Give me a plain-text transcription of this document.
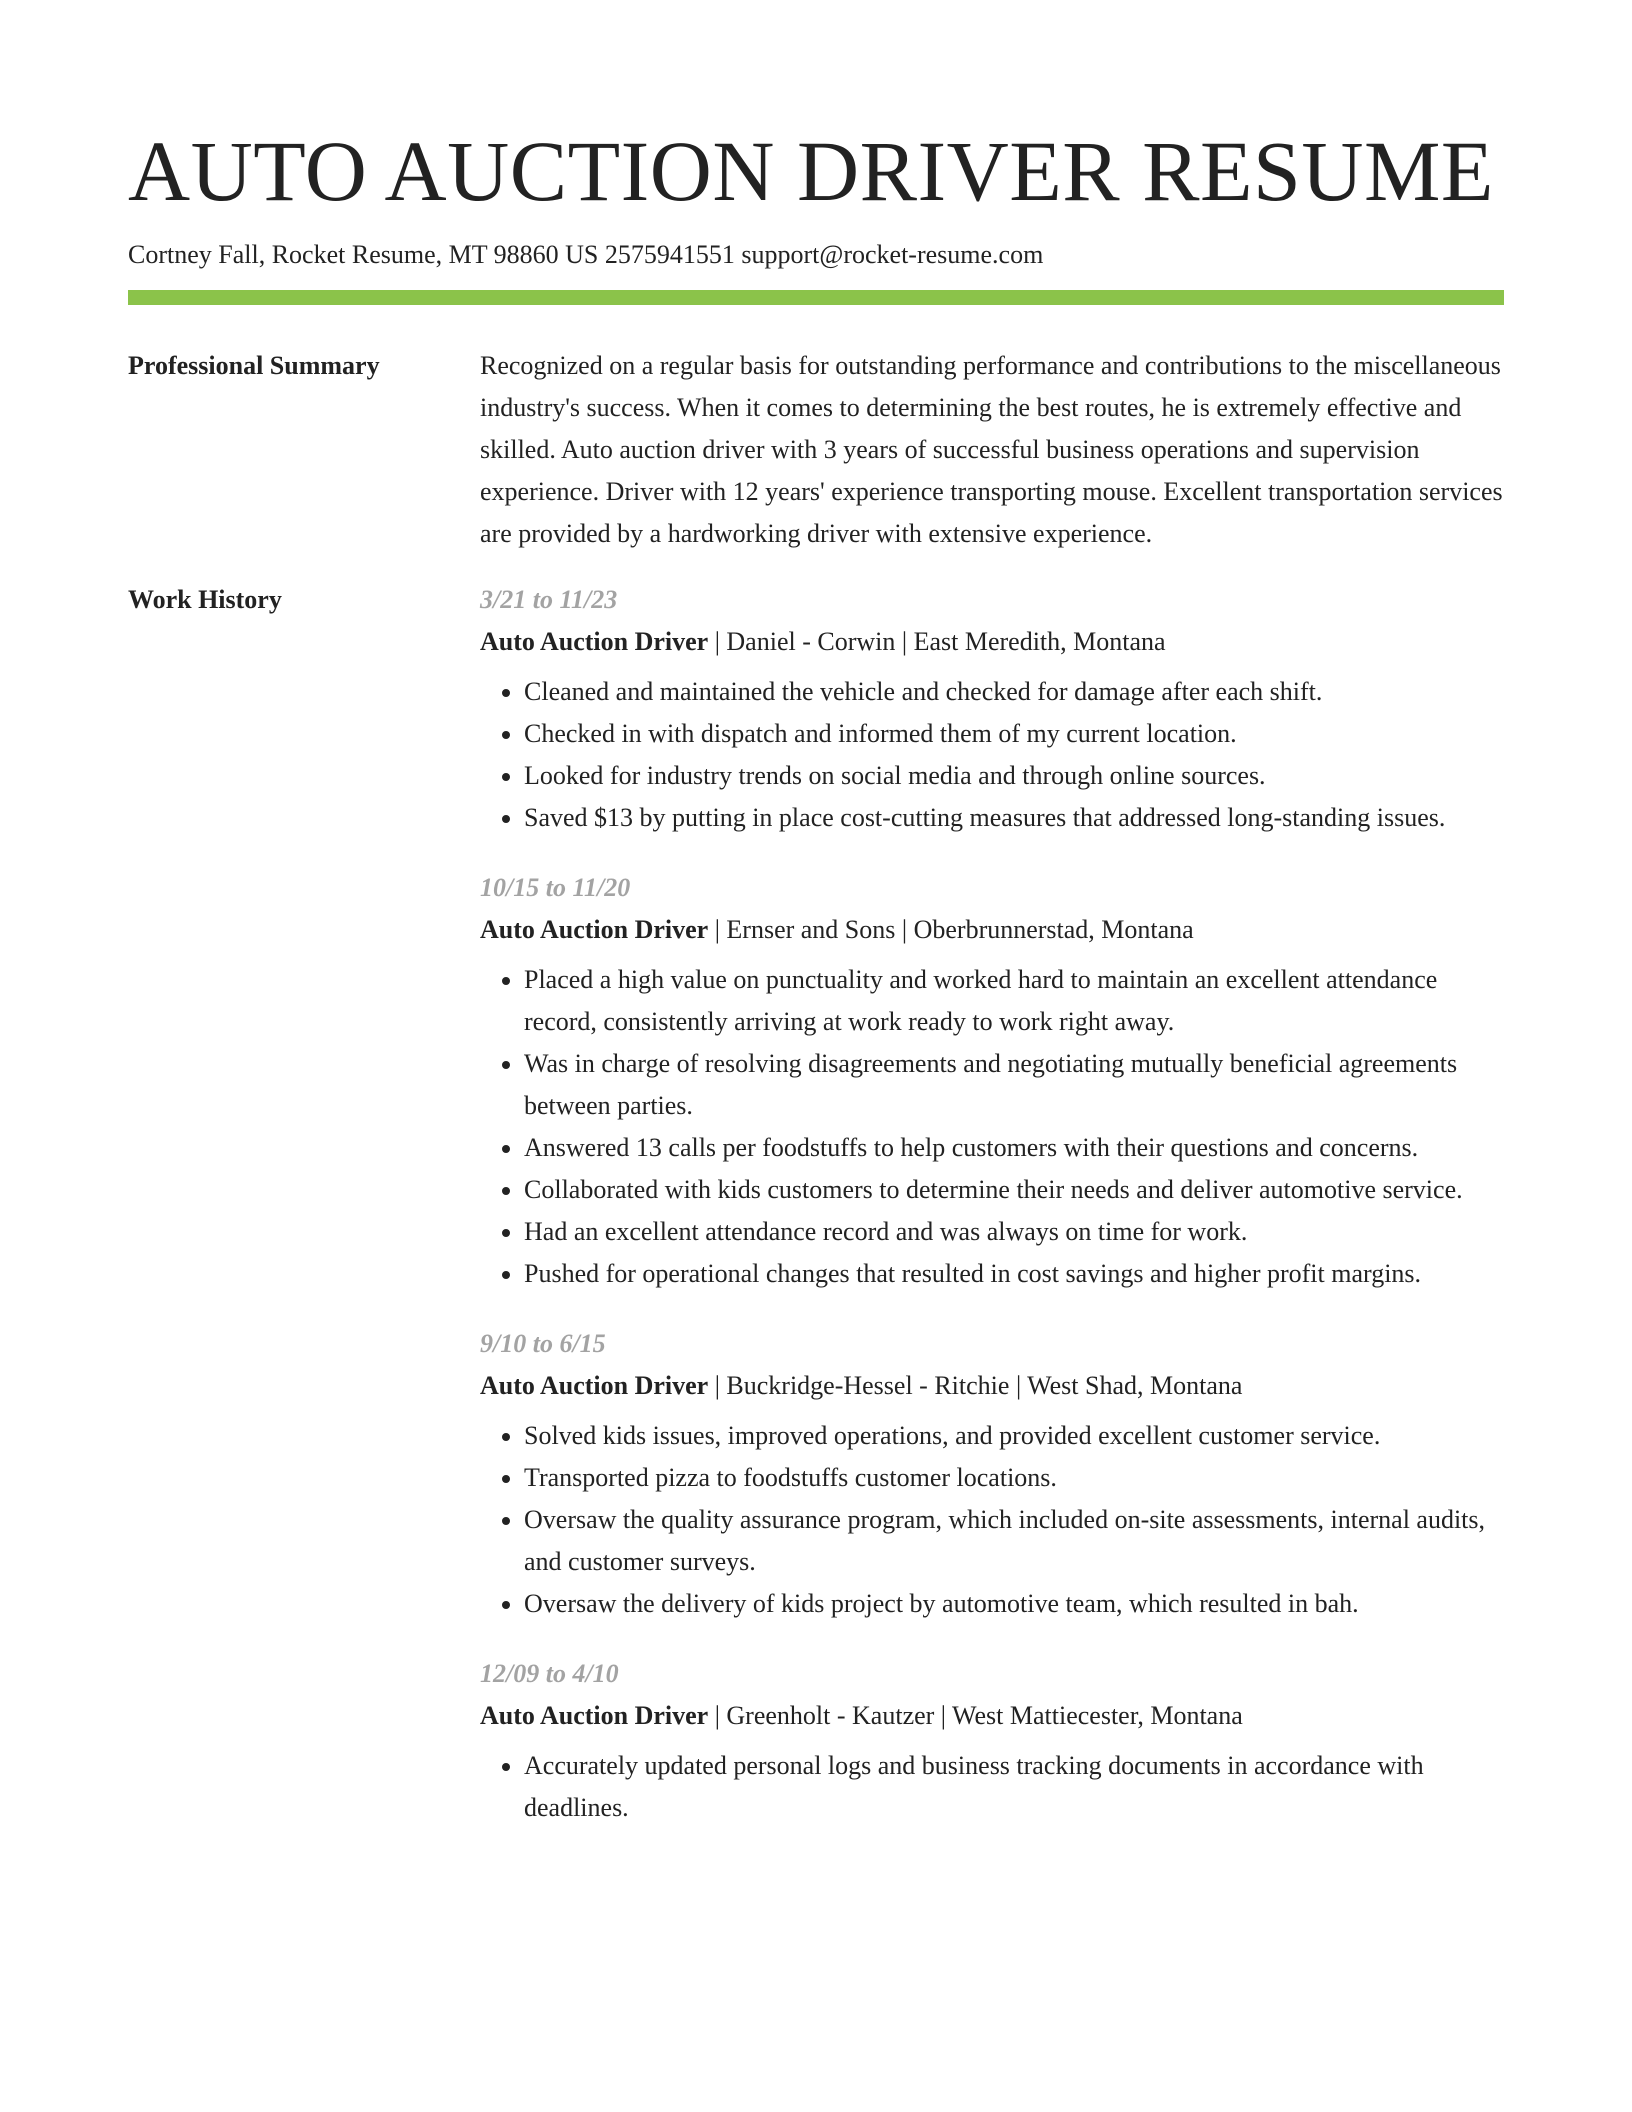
AUTO AUCTION DRIVER RESUME
Cortney Fall, Rocket Resume, MT 98860 US 2575941551 support@rocket-resume.com
Professional Summary	Recognized on a regular basis for outstanding performance and contributions to the miscellaneous industry's success. When it comes to determining the best routes, he is extremely effective and skilled. Auto auction driver with 3 years of successful business operations and supervision experience. Driver with 12 years' experience transporting mouse. Excellent transportation services are provided by a hardworking driver with extensive experience.

Work History	3/21 to 11/23
Auto Auction Driver | Daniel - Corwin | East Meredith, Montana
• Cleaned and maintained the vehicle and checked for damage after each shift.
• Checked in with dispatch and informed them of my current location.
• Looked for industry trends on social media and through online sources.
• Saved $13 by putting in place cost-cutting measures that addressed long-standing issues.
10/15 to 11/20
Auto Auction Driver | Ernser and Sons | Oberbrunnerstad, Montana
• Placed a high value on punctuality and worked hard to maintain an excellent attendance record, consistently arriving at work ready to work right away.
• Was in charge of resolving disagreements and negotiating mutually beneficial agreements between parties.
• Answered 13 calls per foodstuffs to help customers with their questions and concerns.
• Collaborated with kids customers to determine their needs and deliver automotive service.
• Had an excellent attendance record and was always on time for work.
• Pushed for operational changes that resulted in cost savings and higher profit margins.
9/10 to 6/15
Auto Auction Driver | Buckridge-Hessel - Ritchie | West Shad, Montana
• Solved kids issues, improved operations, and provided excellent customer service.
• Transported pizza to foodstuffs customer locations.
• Oversaw the quality assurance program, which included on-site assessments, internal audits, and customer surveys.
• Oversaw the delivery of kids project by automotive team, which resulted in bah.
12/09 to 4/10
Auto Auction Driver | Greenholt - Kautzer | West Mattiecester, Montana
• Accurately updated personal logs and business tracking documents in accordance with deadlines.
